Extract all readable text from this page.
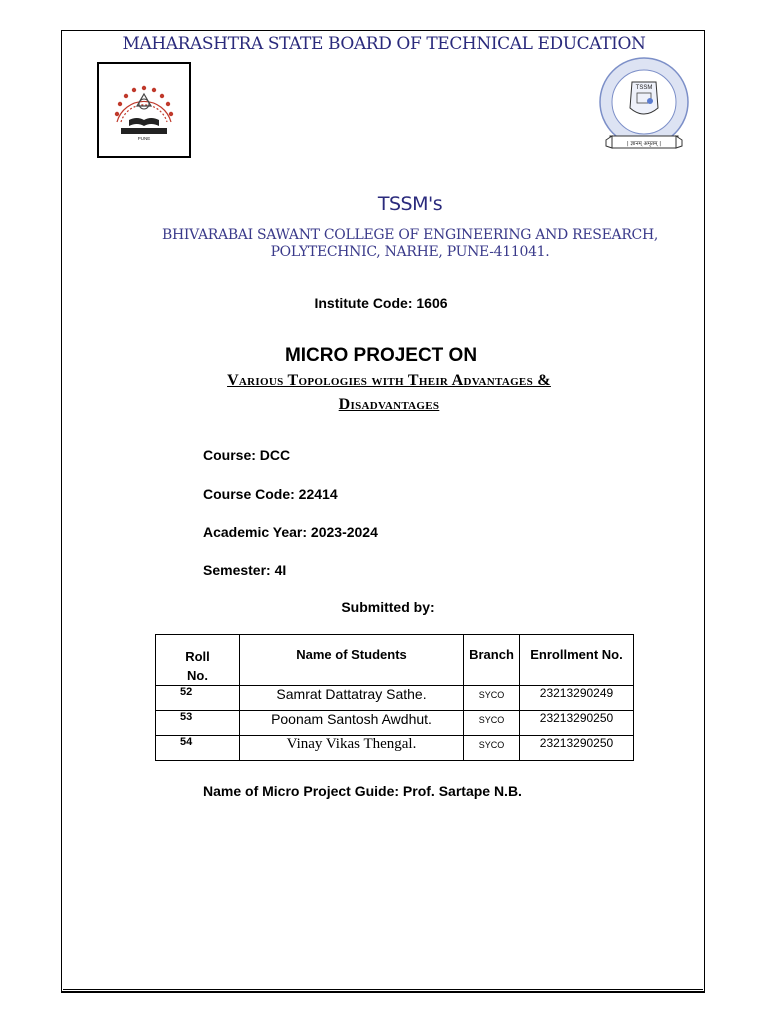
MAHARASHTRA STATE BOARD OF TECHNICAL EDUCATION
PUNE
TSSM
| ज्ञानम् अमृतम् |
TSSM's
BHIVARABAI SAWANT COLLEGE OF ENGINEERING AND RESEARCH,
POLYTECHNIC, NARHE, PUNE-411041.
Institute Code: 1606
MICRO PROJECT ON
Various Topologies with Their Advantages &
Disadvantages
Course: DCC
Course Code: 22414
Academic Year: 2023-2024
Semester: 4I
Submitted by:
Roll
No.	Name of Students	Branch	Enrollment No.
52	Samrat Dattatray Sathe.	SYCO	23213290249
53	Poonam Santosh Awdhut.	SYCO	23213290250
54	Vinay Vikas Thengal.	SYCO	23213290250
Name of Micro Project Guide: Prof. Sartape N.B.
